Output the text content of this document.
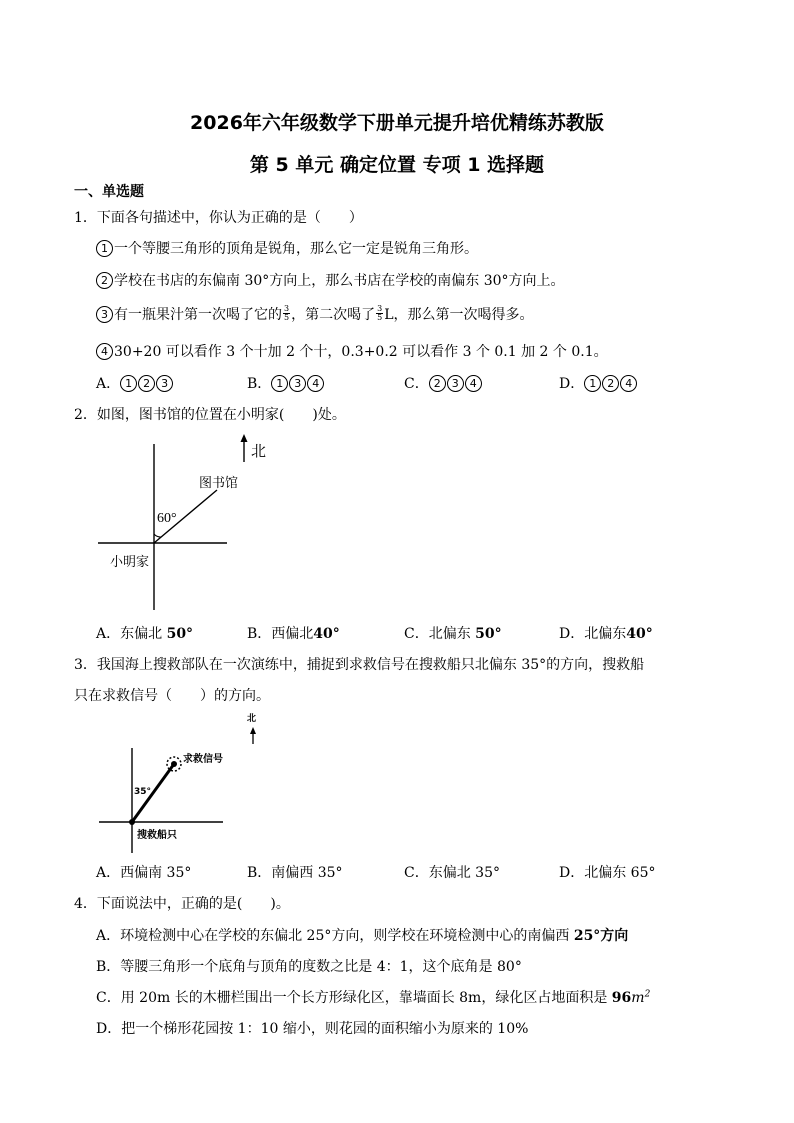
2026年六年级数学下册单元提升培优精练苏教版
第 5 单元 确定位置 专项 1 选择题
一、单选题
1．下面各句描述中，你认为正确的是（　　）
1 一个等腰三角形的顶角是锐角，那么它一定是锐角三角形。
2 学校在书店的东偏南 30°方向上，那么书店在学校的南偏东 30°方向上。
3 有一瓶果汁第一次喝了它的 $\frac{3}{5}$ ，第二次喝了 $\frac{3}{5}$ L，那么第一次喝得多。
4 30+20 可以看作 3 个十加 2 个十，0.3+0.2 可以看作 3 个 0.1 加 2 个 0.1。
A． 1 2 3	B． 1 3 4	C． 2 3 4	D． 1 2 4
2．如图，图书馆的位置在小明家(　　)处。
北
图书馆
60°
小明家
A．东偏北 50°	B．西偏北40°	C．北偏东 50°	D．北偏东40°
3．我国海上搜救部队在一次演练中，捕捉到求救信号在搜救船只北偏东 35°的方向，搜救船
只在求救信号（　　）的方向。
北
求救信号
35°
搜救船只
A．西偏南 35°	B．南偏西 35°	C．东偏北 35°	D．北偏东 65°
4．下面说法中，正确的是(　　)。
A．环境检测中心在学校的东偏北 25°方向，则学校在环境检测中心的南偏西 25°方向
B．等腰三角形一个底角与顶角的度数之比是 4：1，这个底角是 80°
C．用 20m 长的木栅栏围出一个长方形绿化区，靠墙面长 8m，绿化区占地面积是 $96m^2$
D．把一个梯形花园按 1：10 缩小，则花园的面积缩小为原来的 10%
